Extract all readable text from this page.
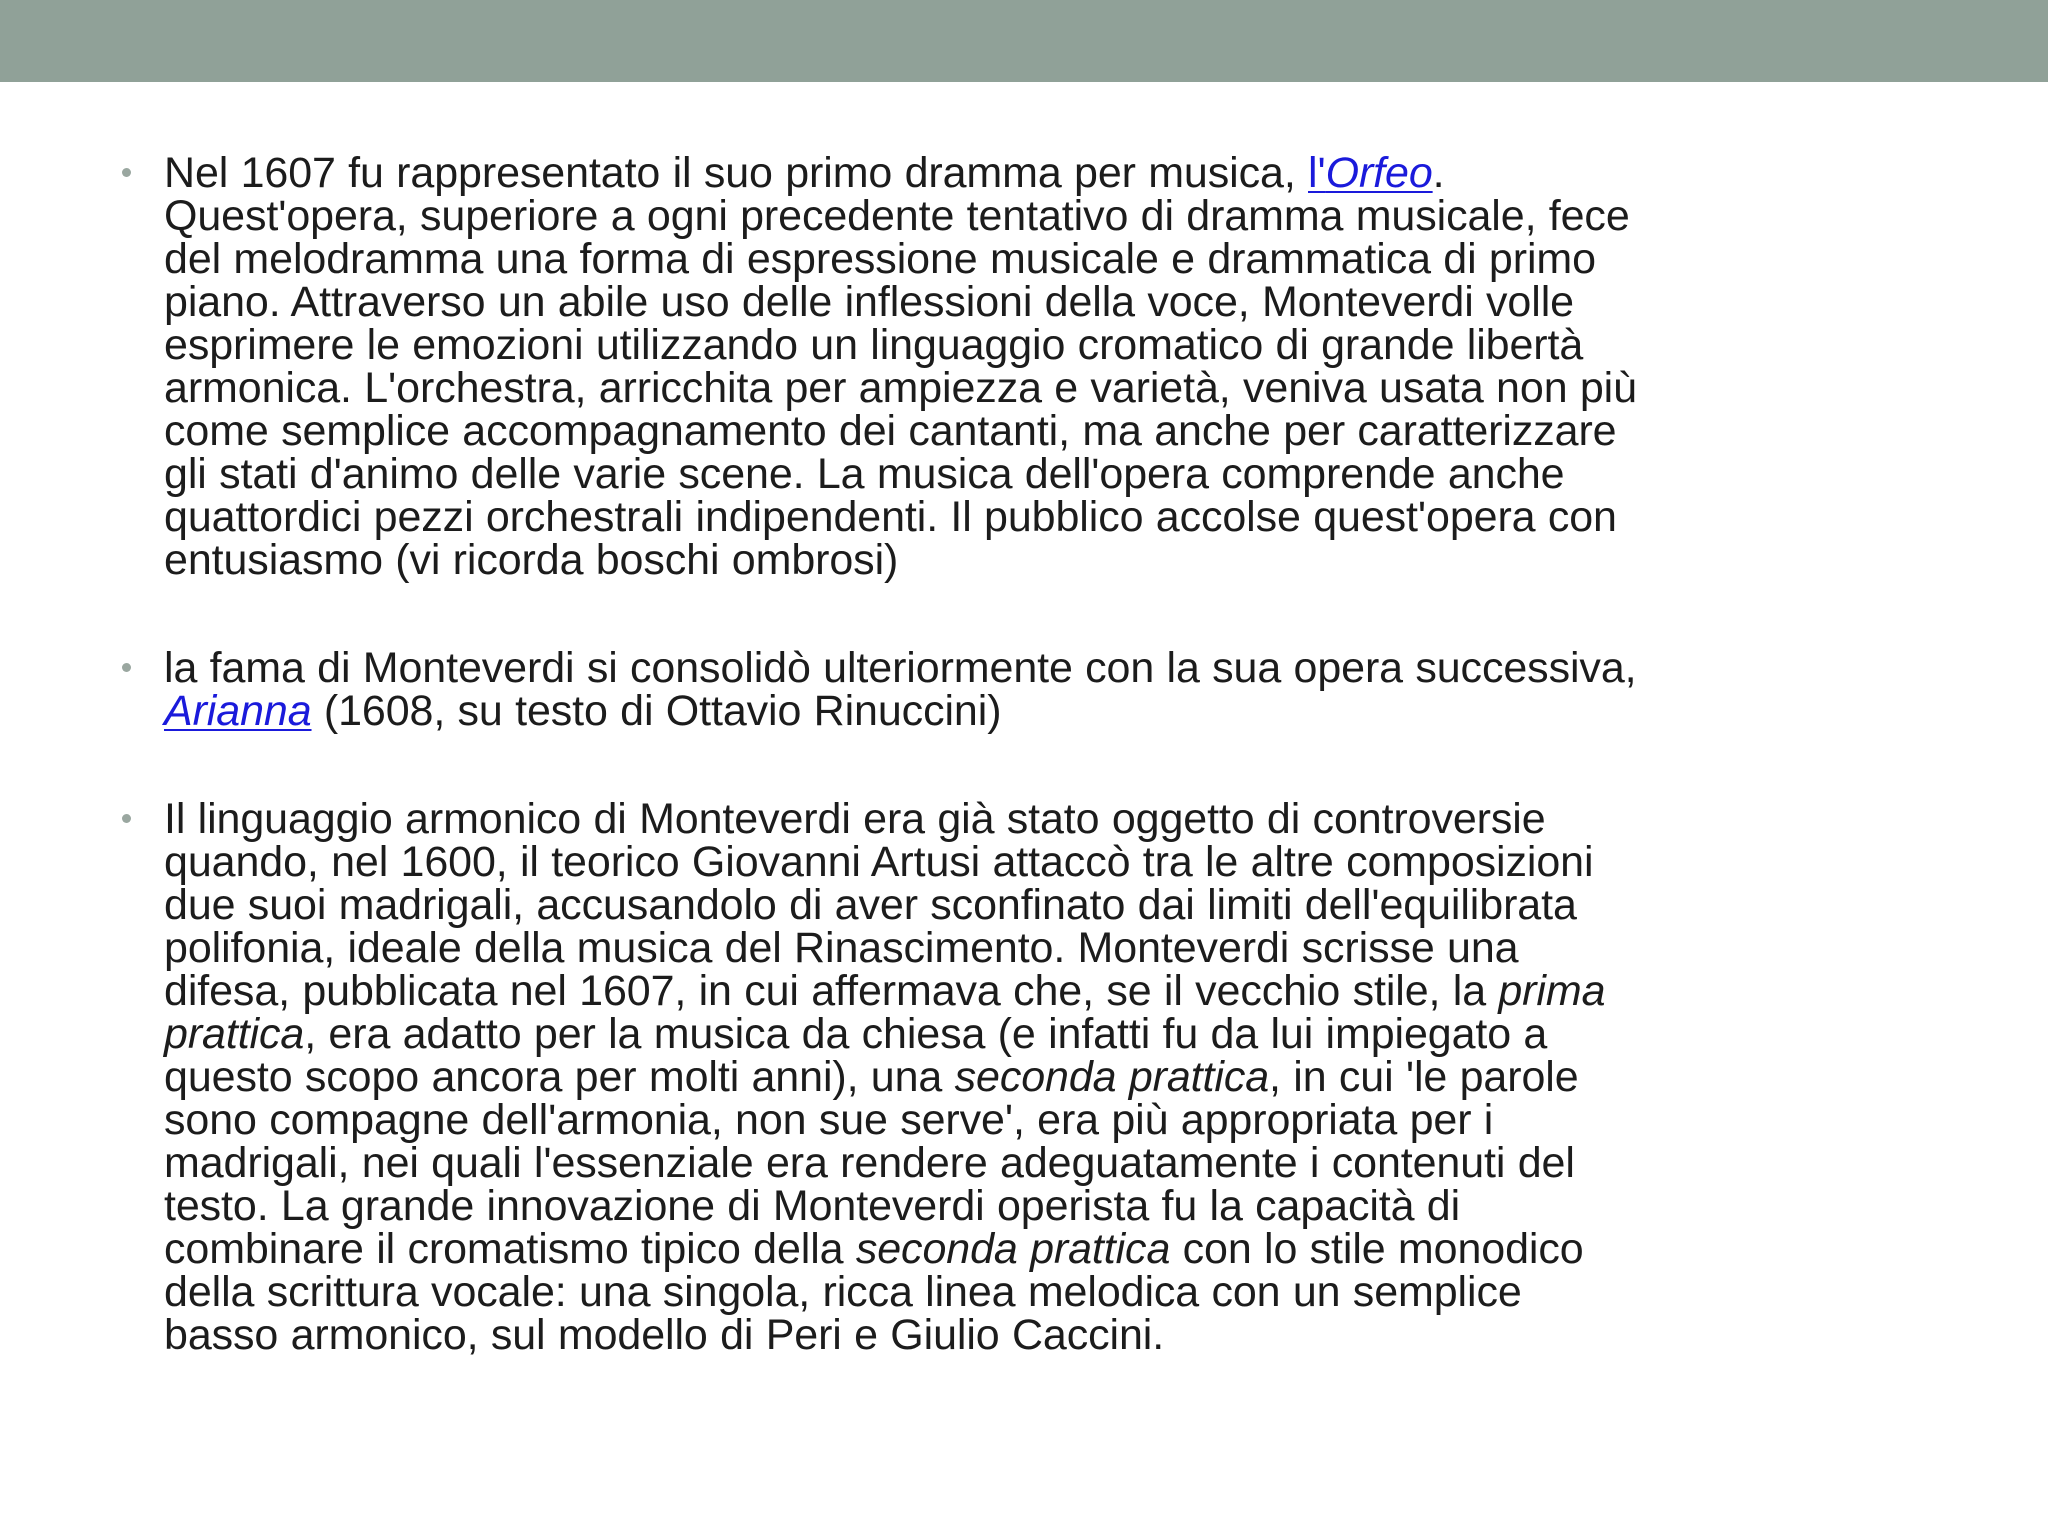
Nel 1607 fu rappresentato il suo primo dramma per musica, l'Orfeo.
Quest'opera, superiore a ogni precedente tentativo di dramma musicale, fece
del melodramma una forma di espressione musicale e drammatica di primo
piano. Attraverso un abile uso delle inflessioni della voce, Monteverdi volle
esprimere le emozioni utilizzando un linguaggio cromatico di grande libertà
armonica. L'orchestra, arricchita per ampiezza e varietà, veniva usata non più
come semplice accompagnamento dei cantanti, ma anche per caratterizzare
gli stati d'animo delle varie scene. La musica dell'opera comprende anche
quattordici pezzi orchestrali indipendenti. Il pubblico accolse quest'opera con
entusiasmo (vi ricorda boschi ombrosi)
la fama di Monteverdi si consolidò ulteriormente con la sua opera successiva,
Arianna (1608, su testo di Ottavio Rinuccini)
Il linguaggio armonico di Monteverdi era già stato oggetto di controversie
quando, nel 1600, il teorico Giovanni Artusi attaccò tra le altre composizioni
due suoi madrigali, accusandolo di aver sconfinato dai limiti dell'equilibrata
polifonia, ideale della musica del Rinascimento. Monteverdi scrisse una
difesa, pubblicata nel 1607, in cui affermava che, se il vecchio stile, la prima
prattica, era adatto per la musica da chiesa (e infatti fu da lui impiegato a
questo scopo ancora per molti anni), una seconda prattica, in cui 'le parole
sono compagne dell'armonia, non sue serve', era più appropriata per i
madrigali, nei quali l'essenziale era rendere adeguatamente i contenuti del
testo. La grande innovazione di Monteverdi operista fu la capacità di
combinare il cromatismo tipico della seconda prattica con lo stile monodico
della scrittura vocale: una singola, ricca linea melodica con un semplice
basso armonico, sul modello di Peri e Giulio Caccini.
